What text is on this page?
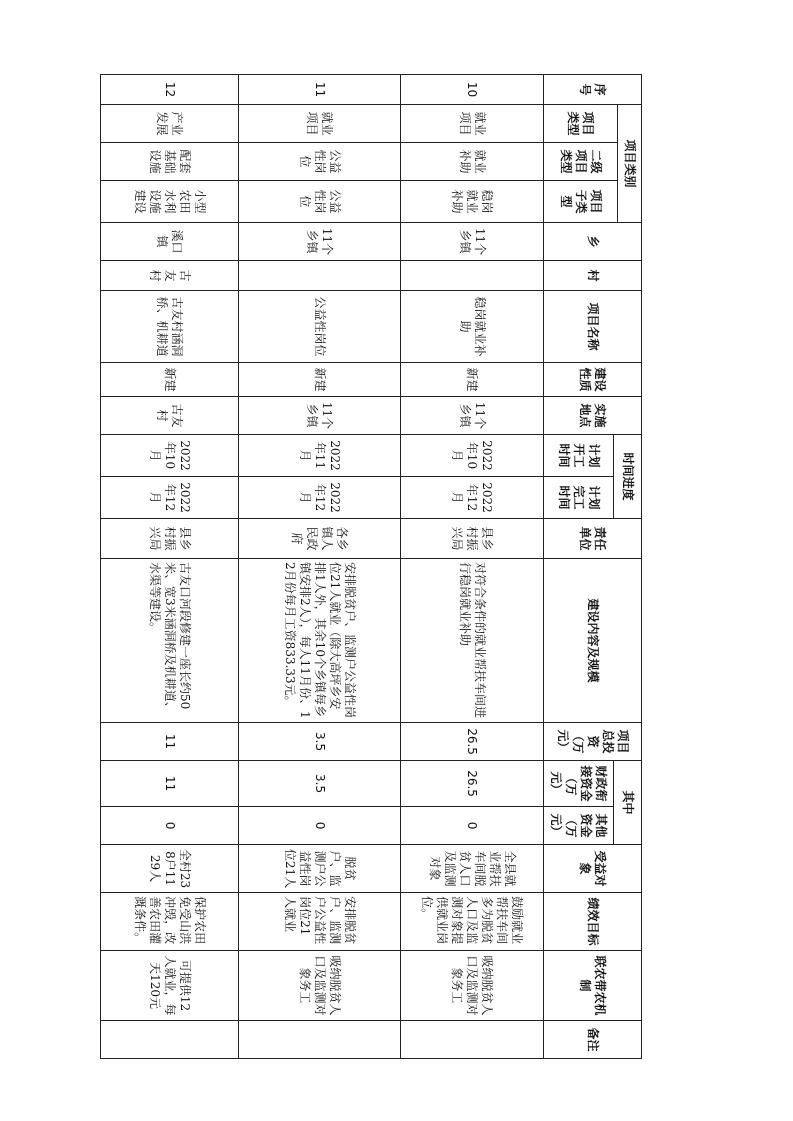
序号	项目类别			乡	村	项目名称	建设性质	实施地点	时间进度		责任单位	建设内容及规模	项目总投资（万元）	其中		受益对象	绩效目标	联农带农机制	备注
	项目类型	二级项目类型	项目子类型																
									计划开工时间	计划完工时间				财政衔接资金（万元）	其他资金（万元）				
10	就业项目	就业补助	稳岗就业补助	11个乡镇		稳岗就业补助	新建	11个乡镇	2022年10月	2022年12月	县乡村振兴局	对符合条件的就业帮扶车间进行稳岗就业补助	26.5	26.5	0	全县就业帮扶车间脱贫人口及监测对象	鼓励就业帮扶车间多为脱贫人口及监测对象提供就业岗位。	吸纳脱贫人口及监测对象务工	
11	就业项目	公益性岗位	公益性岗位	11个乡镇		公益性岗位	新建	11个乡镇	2022年11月	2022年12月	各乡镇人民政府	安排脱贫户、监测户公益性岗位21人就业（除大高坪乡安排1人外，其余10个乡镇每乡镇安排2人），每人11月份、12月份每月工资833.33元。	3.5	3.5	0	脱贫户、监测户公益性岗位21人	安排脱贫户、监测户公益性岗位21人就业	吸纳脱贫人口及监测对象务工	
12	产业发展	配套基础设施	小型农田水利设施建设	溪口镇	古友村	古友村涵洞桥、机耕道	新建	古友村	2022年10月	2022年12月	县乡村振兴局	古友口河段修建一座长约50米、宽3米涵洞桥及机耕道、水渠等建设。	11	11	0	全村238户1129人	保护农田免受山洪冲毁，改善农田灌溉条件。	可提供12人就业，每天120元	
